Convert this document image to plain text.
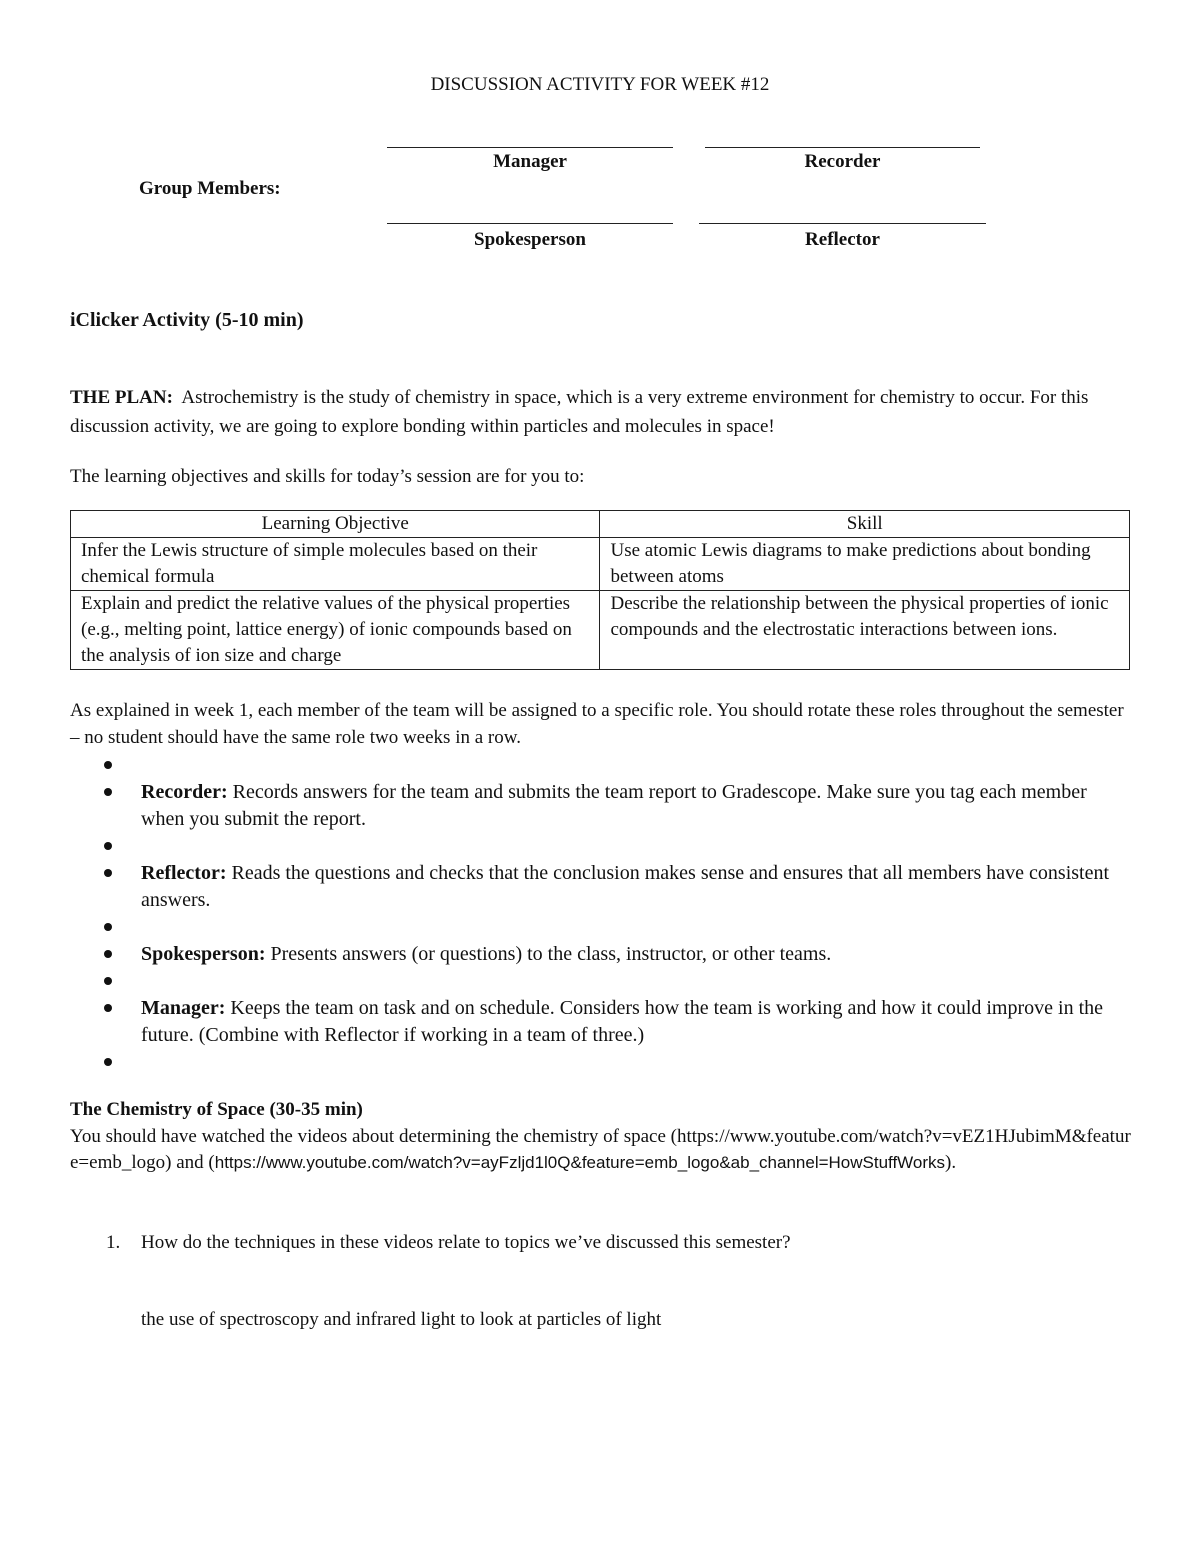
DISCUSSION ACTIVITY FOR WEEK #12
Manager	Recorder
Group Members:
Spokesperson	Reflector
iClicker Activity (5-10 min)

THE PLAN: Astrochemistry is the study of chemistry in space, which is a very extreme environment for chemistry to occur. For this discussion activity, we are going to explore bonding within particles and molecules in space!

The learning objectives and skills for today’s session are for you to:

Learning Objective	Skill
Infer the Lewis structure of simple molecules based on their chemical formula	Use atomic Lewis diagrams to make predictions about bonding between atoms
Explain and predict the relative values of the physical properties (e.g., melting point, lattice energy) of ionic compounds based on the analysis of ion size and charge	Describe the relationship between the physical properties of ionic compounds and the electrostatic interactions between ions.

As explained in week 1, each member of the team will be assigned to a specific role. You should rotate these roles throughout the semester – no student should have the same role two weeks in a row.

Recorder: Records answers for the team and submits the team report to Gradescope. Make sure you tag each member when you submit the report.
Reflector: Reads the questions and checks that the conclusion makes sense and ensures that all members have consistent answers.
Spokesperson: Presents answers (or questions) to the class, instructor, or other teams.
Manager: Keeps the team on task and on schedule. Considers how the team is working and how it could improve in the future. (Combine with Reflector if working in a team of three.)
The Chemistry of Space (30-35 min)

You should have watched the videos about determining the chemistry of space (https://www.youtube.com/watch?v=vEZ1HJubimM&feature=emb_logo) and (https://www.youtube.com/watch?v=ayFzljd1l0Q&feature=emb_logo&ab_channel=HowStuffWorks).

1. How do the techniques in these videos relate to topics we’ve discussed this semester?
the use of spectroscopy and infrared light to look at particles of light
